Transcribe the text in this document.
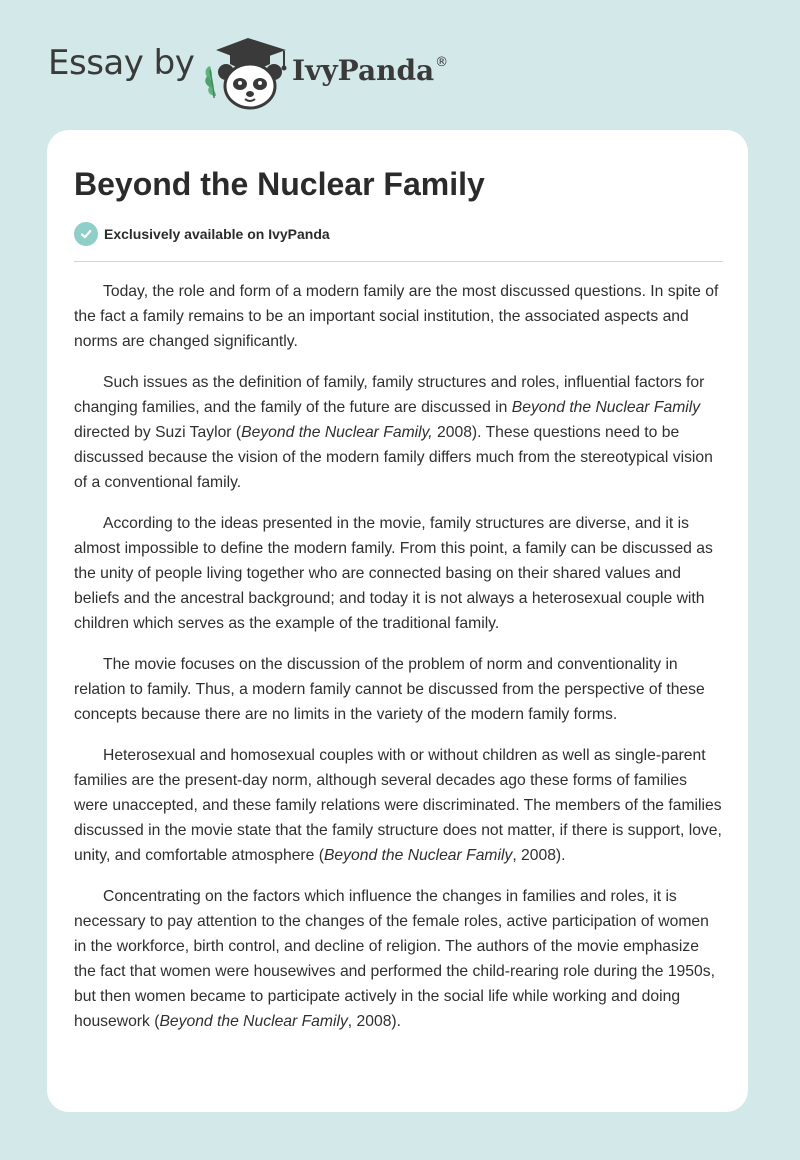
Essay by	IvyPanda®
Beyond the Nuclear Family
Exclusively available on IvyPanda

Today, the role and form of a modern family are the most discussed questions. In spite of the fact a family remains to be an important social institution, the associated aspects and norms are changed significantly.

Such issues as the definition of family, family structures and roles, influential factors for changing families, and the family of the future are discussed in Beyond the Nuclear Family directed by Suzi Taylor (Beyond the Nuclear Family, 2008). These questions need to be discussed because the vision of the modern family differs much from the stereotypical vision of a conventional family.

According to the ideas presented in the movie, family structures are diverse, and it is almost impossible to define the modern family. From this point, a family can be discussed as the unity of people living together who are connected basing on their shared values and beliefs and the ancestral background; and today it is not always a heterosexual couple with children which serves as the example of the traditional family.

The movie focuses on the discussion of the problem of norm and conventionality in relation to family. Thus, a modern family cannot be discussed from the perspective of these concepts because there are no limits in the variety of the modern family forms.

Heterosexual and homosexual couples with or without children as well as single-parent families are the present-day norm, although several decades ago these forms of families were unaccepted, and these family relations were discriminated. The members of the families discussed in the movie state that the family structure does not matter, if there is support, love, unity, and comfortable atmosphere (Beyond the Nuclear Family, 2008).

Concentrating on the factors which influence the changes in families and roles, it is necessary to pay attention to the changes of the female roles, active participation of women in the workforce, birth control, and decline of religion. The authors of the movie emphasize the fact that women were housewives and performed the child-rearing role during the 1950s, but then women became to participate actively in the social life while working and doing housework (Beyond the Nuclear Family, 2008).
